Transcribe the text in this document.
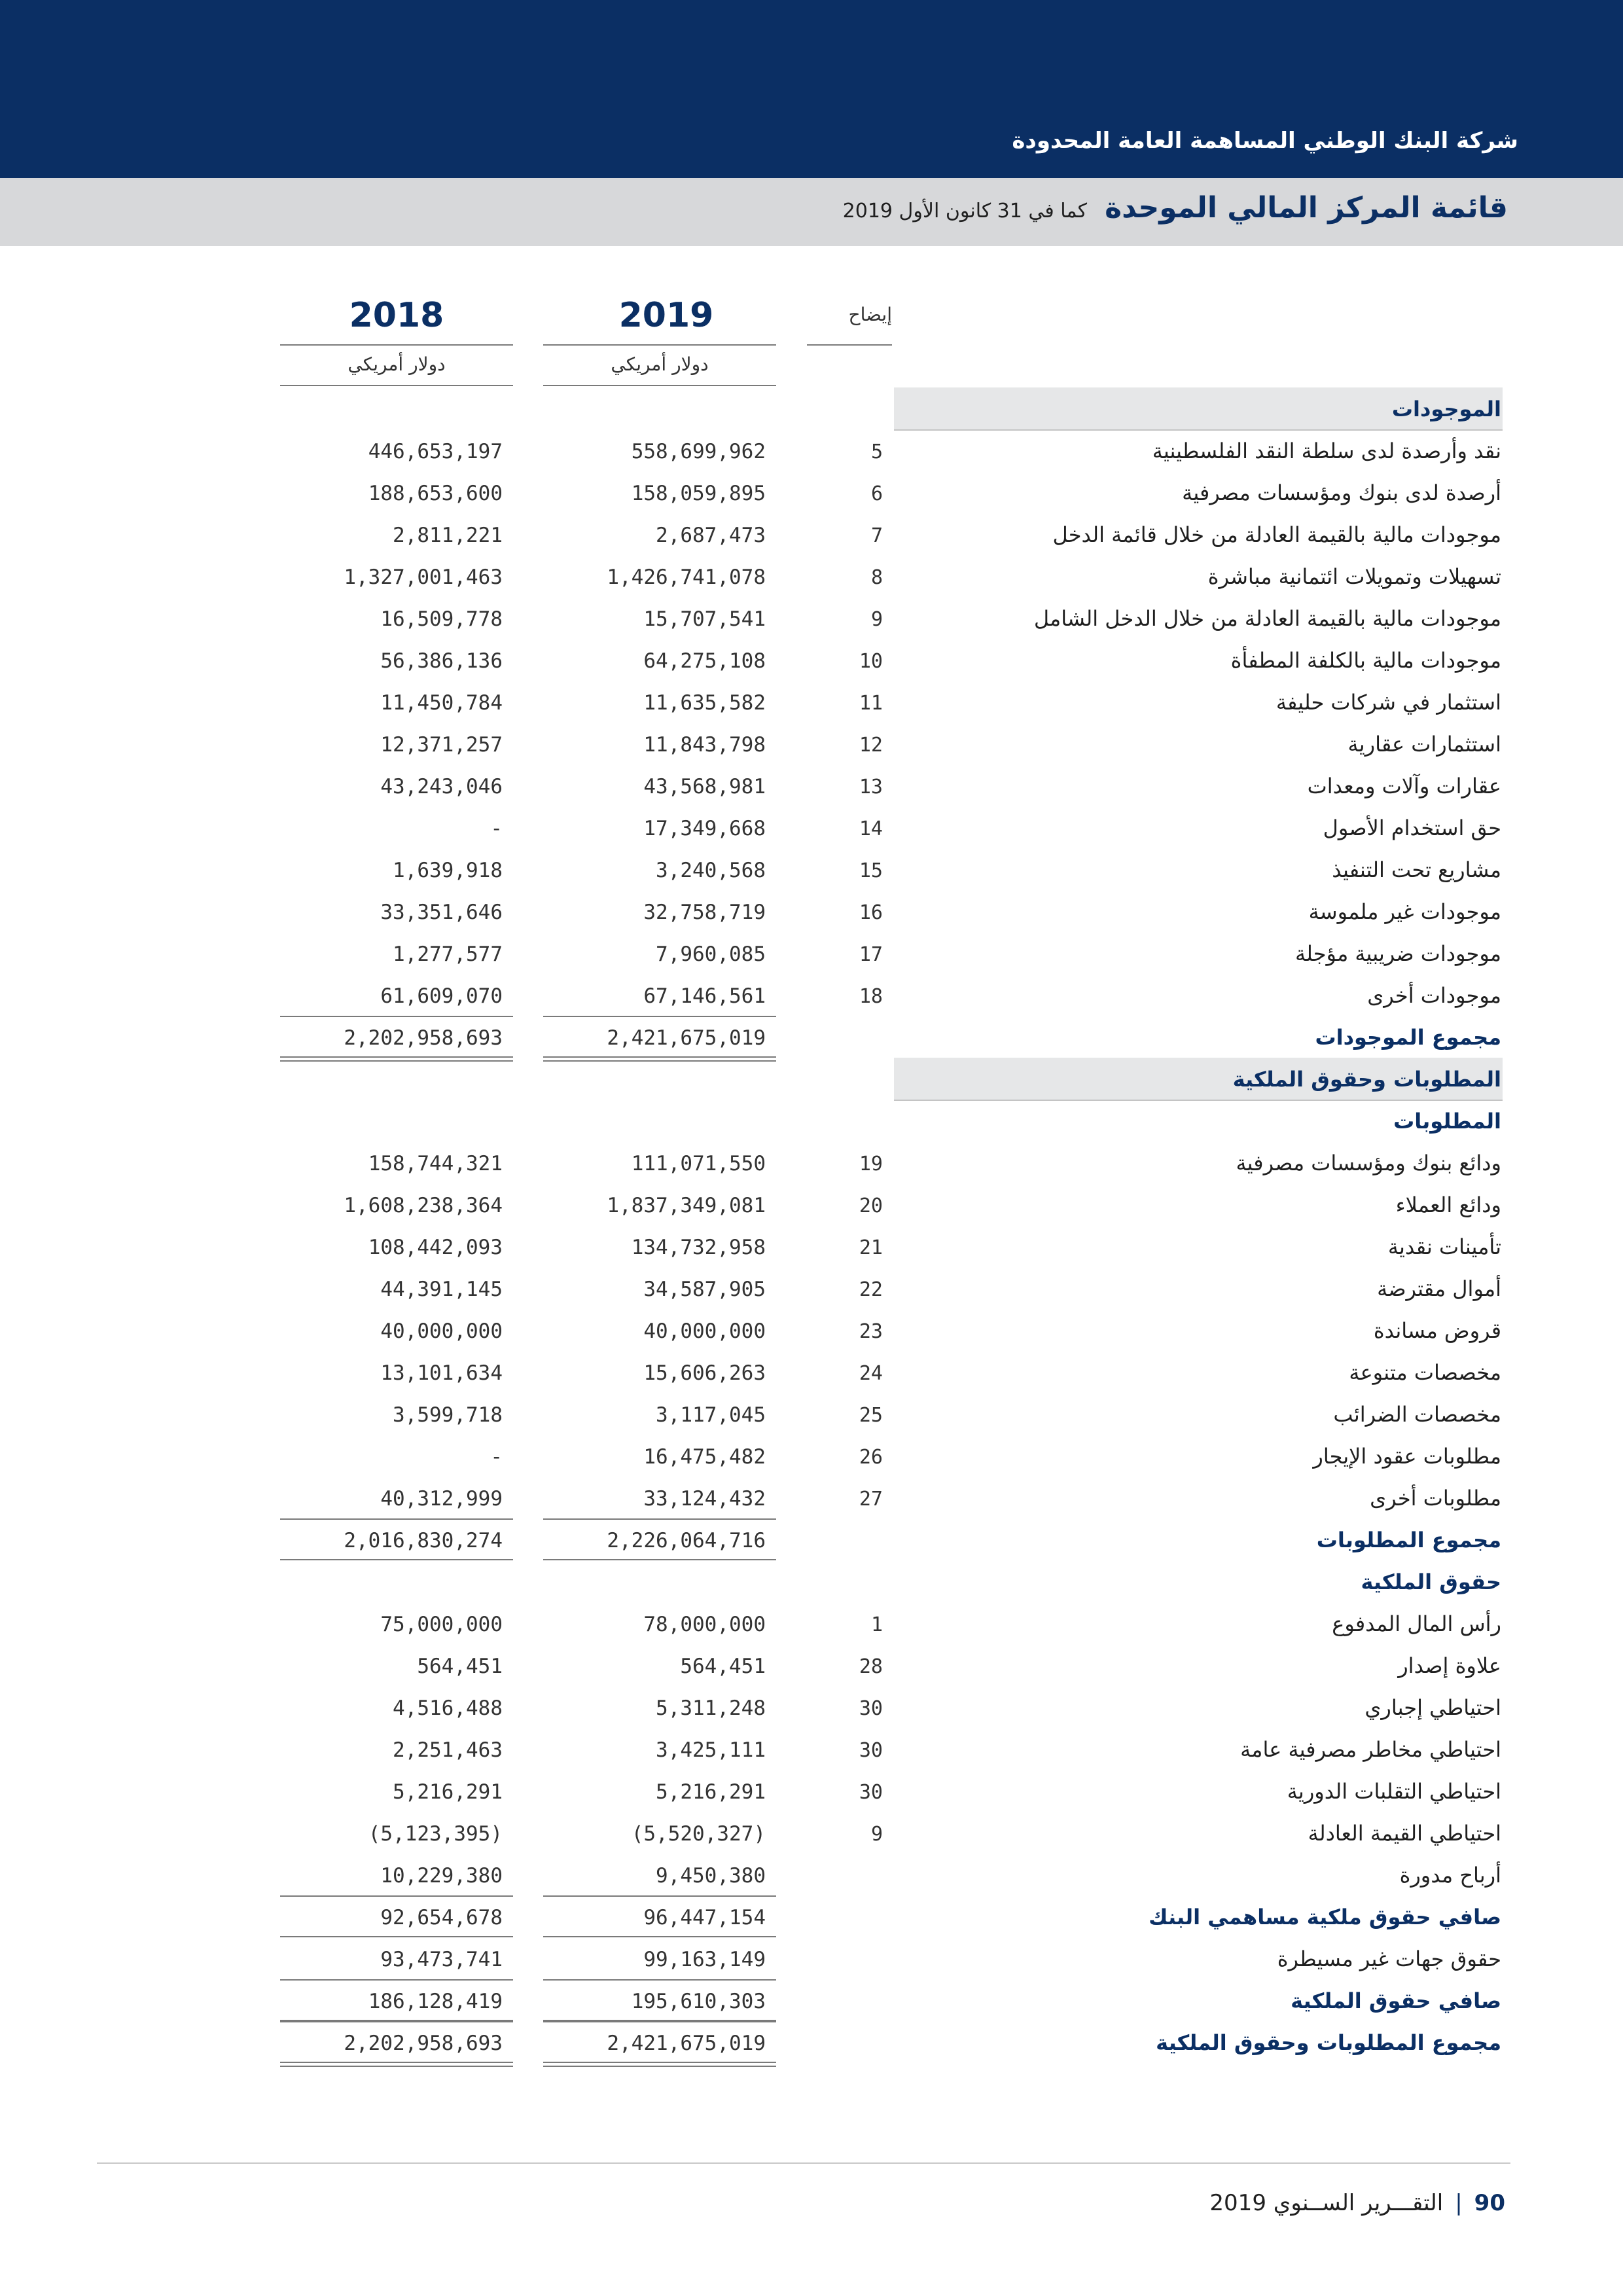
شركة البنك الوطني المساهمة العامة المحدودة
قائمة المركز المالي الموحدة كما في 31 كانون الأول 2019
إيضاح
2019
دولار أمريكي
2018
دولار أمريكي
الموجودات
نقد وأرصدة لدى سلطة النقد الفلسطينية
5
558,699,962
446,653,197
أرصدة لدى بنوك ومؤسسات مصرفية
6
158,059,895
188,653,600
موجودات مالية بالقيمة العادلة من خلال قائمة الدخل
7
2,687,473
2,811,221
تسهيلات وتمويلات ائتمانية مباشرة
8
1,426,741,078
1,327,001,463
موجودات مالية بالقيمة العادلة من خلال الدخل الشامل
9
15,707,541
16,509,778
موجودات مالية بالكلفة المطفأة
10
64,275,108
56,386,136
استثمار في شركات حليفة
11
11,635,582
11,450,784
استثمارات عقارية
12
11,843,798
12,371,257
عقارات وآلات ومعدات
13
43,568,981
43,243,046
حق استخدام الأصول
14
17,349,668
-
مشاريع تحت التنفيذ
15
3,240,568
1,639,918
موجودات غير ملموسة
16
32,758,719
33,351,646
موجودات ضريبية مؤجلة
17
7,960,085
1,277,577
موجودات أخرى
18
67,146,561
61,609,070
مجموع الموجودات
2,421,675,019
2,202,958,693
المطلوبات وحقوق الملكية
المطلوبات
ودائع بنوك ومؤسسات مصرفية
19
111,071,550
158,744,321
ودائع العملاء
20
1,837,349,081
1,608,238,364
تأمينات نقدية
21
134,732,958
108,442,093
أموال مقترضة
22
34,587,905
44,391,145
قروض مساندة
23
40,000,000
40,000,000
مخصصات متنوعة
24
15,606,263
13,101,634
مخصصات الضرائب
25
3,117,045
3,599,718
مطلوبات عقود الإيجار
26
16,475,482
-
مطلوبات أخرى
27
33,124,432
40,312,999
مجموع المطلوبات
2,226,064,716
2,016,830,274
حقوق الملكية
رأس المال المدفوع
1
78,000,000
75,000,000
علاوة إصدار
28
564,451
564,451
احتياطي إجباري
30
5,311,248
4,516,488
احتياطي مخاطر مصرفية عامة
30
3,425,111
2,251,463
احتياطي التقلبات الدورية
30
5,216,291
5,216,291
احتياطي القيمة العادلة
9
(5,520,327)
(5,123,395)
أرباح مدورة
9,450,380
10,229,380
صافي حقوق ملكية مساهمي البنك
96,447,154
92,654,678
حقوق جهات غير مسيطرة
99,163,149
93,473,741
صافي حقوق الملكية
195,610,303
186,128,419
مجموع المطلوبات وحقوق الملكية
2,421,675,019
2,202,958,693
90|التقـــرير الســنوي 2019
